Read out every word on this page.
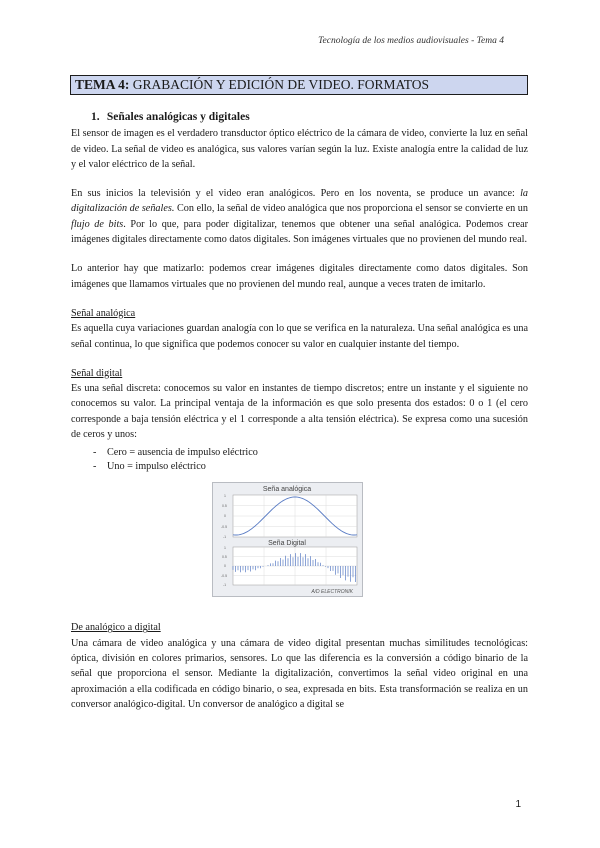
Tecnología de los medios audiovisuales - Tema 4
TEMA 4: GRABACIÓN Y EDICIÓN DE VIDEO. FORMATOS
1. Señales analógicas y digitales

El sensor de imagen es el verdadero transductor óptico eléctrico de la cámara de video, convierte la luz en señal de video. La señal de video es analógica, sus valores varían según la luz. Existe analogía entre la calidad de luz y el valor eléctrico de la señal.

En sus inicios la televisión y el video eran analógicos. Pero en los noventa, se produce un avance: la digitalización de señales. Con ello, la señal de video analógica que nos proporciona el sensor se convierte en un flujo de bits. Por lo que, para poder digitalizar, tenemos que obtener una señal analógica. Podemos crear imágenes digitales directamente como datos digitales. Son imágenes virtuales que no provienen del mundo real.

Lo anterior hay que matizarlo: podemos crear imágenes digitales directamente como datos digitales. Son imágenes que llamamos virtuales que no provienen del mundo real, aunque a veces traten de imitarlo.

Señal analógica

Es aquella cuya variaciones guardan analogía con lo que se verifica en la naturaleza. Una señal analógica es una señal continua, lo que significa que podemos conocer su valor en cualquier instante del tiempo.

Señal digital

Es una señal discreta: conocemos su valor en instantes de tiempo discretos; entre un instante y el siguiente no conocemos su valor. La principal ventaja de la información es que solo presenta dos estados: 0 o 1 (el cero corresponde a baja tensión eléctrica y el 1 corresponde a alta tensión eléctrica). Se expresa como una sucesión de ceros y unos:

- Cero = ausencia de impulso eléctrico
- Uno = impulso eléctrico
Seña analógica
1
0.5
0
-0.5
-1
Seña Digital
1
0.5
0
-0.5
-1
A/D ELECTRONIK
De analógico a digital

Una cámara de video analógica y una cámara de video digital presentan muchas similitudes tecnológicas: óptica, división en colores primarios, sensores. Lo que las diferencia es la conversión a código binario de la señal que proporciona el sensor. Mediante la digitalización, convertimos la señal video original en una aproximación a ella codificada en código binario, o sea, expresada en bits. Esta transformación se realiza en un conversor analógico-digital. Un conversor de analógico a digital se

1
